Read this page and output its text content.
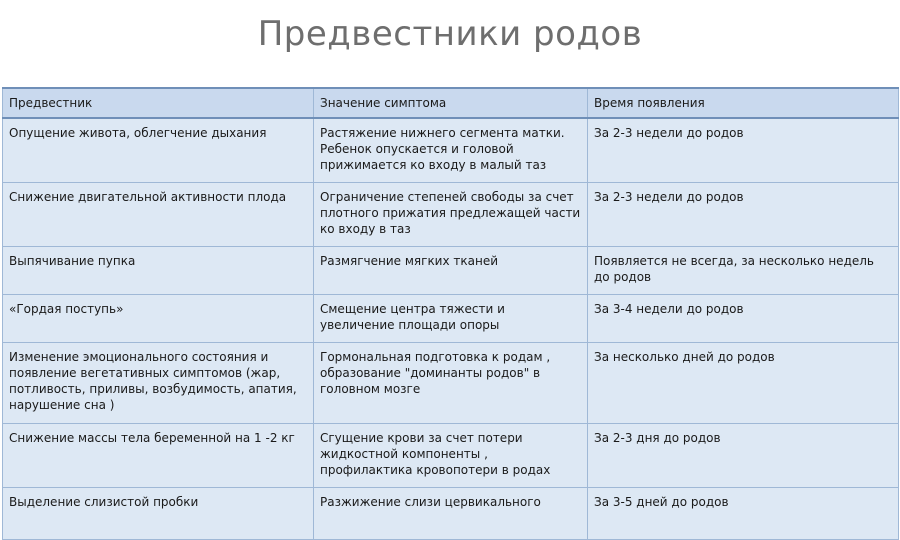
Предвестники родов
Предвестник	Значение симптома	Время появления
Опущение живота, облегчение дыхания	Растяжение нижнего сегмента матки. Ребенок опускается и головой прижимается ко входу в малый таз	За 2-3 недели до родов
Снижение двигательной активности плода	Ограничение степеней свободы за счет плотного прижатия предлежащей части ко входу в таз	За 2-3 недели до родов
Выпячивание пупка	Размягчение мягких тканей	Появляется не всегда, за несколько недель до родов
«Гордая поступь»	Смещение центра тяжести и увеличение площади опоры	За 3-4 недели до родов
Изменение эмоционального состояния и появление вегетативных симптомов (жар, потливость, приливы, возбудимость, апатия, нарушение сна )	Гормональная подготовка к родам , образование "доминанты родов" в головном мозге	За несколько дней до родов
Снижение массы тела беременной на 1 -2 кг	Сгущение крови за счет потери жидкостной компоненты , профилактика кровопотери в родах	За 2-3 дня до родов
Выделение слизистой пробки	Разжижение слизи цервикального	За 3-5 дней до родов
